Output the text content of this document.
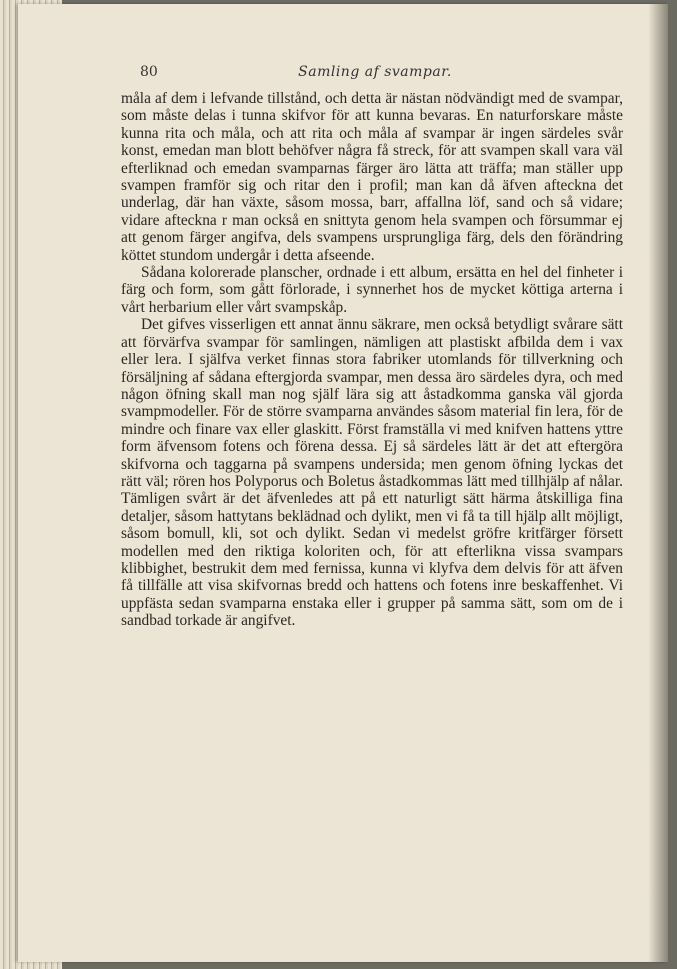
80	Samling af svampar.

måla af dem i lefvande tillstånd, och detta är nästan nödvändigt med de svampar, som måste delas i tunna skifvor för att kunna bevaras. En naturforskare måste kunna rita och måla, och att rita och måla af svampar är ingen särdeles svår konst, emedan man blott behöfver några få streck, för att svampen skall vara väl efterliknad och emedan svamparnas färger äro lätta att träffa; man ställer upp svampen framför sig och ritar den i profil; man kan då äfven afteckna det underlag, där han växte, såsom mossa, barr, affallna löf, sand och så vidare; vidare afteckna r man också en snittyta genom hela svampen och försummar ej att genom färger angifva, dels svampens ursprungliga färg, dels den förändring köttet stundom undergår i detta afseende.

Sådana kolorerade planscher, ordnade i ett album, ersätta en hel del finheter i färg och form, som gått förlorade, i synnerhet hos de mycket köttiga arterna i vårt herbarium eller vårt svampskåp.

Det gifves visserligen ett annat ännu säkrare, men också betydligt svårare sätt att förvärfva svampar för samlingen, nämligen att plastiskt afbilda dem i vax eller lera. I själfva verket finnas stora fabriker utomlands för tillverkning och försäljning af sådana eftergjorda svampar, men dessa äro särdeles dyra, och med någon öfning skall man nog själf lära sig att åstadkomma ganska väl gjorda svampmodeller. För de större svamparna användes såsom material fin lera, för de mindre och finare vax eller glaskitt. Först framställa vi med knifven hattens yttre form äfvensom fotens och förena dessa. Ej så särdeles lätt är det att eftergöra skifvorna och taggarna på svampens undersida; men genom öfning lyckas det rätt väl; rören hos Polyporus och Boletus åstadkommas lätt med tillhjälp af nålar. Tämligen svårt är det äfvenledes att på ett naturligt sätt härma åtskilliga fina detaljer, såsom hattytans beklädnad och dylikt, men vi få ta till hjälp allt möjligt, såsom bomull, kli, sot och dylikt. Sedan vi medelst gröfre kritfärger försett modellen med den riktiga koloriten och, för att efterlikna vissa svampars klibbighet, bestrukit dem med fernissa, kunna vi klyfva dem delvis för att äfven få tillfälle att visa skifvornas bredd och hattens och fotens inre beskaffenhet. Vi uppfästa sedan svamparna enstaka eller i grupper på samma sätt, som om de i sandbad torkade är angifvet.
